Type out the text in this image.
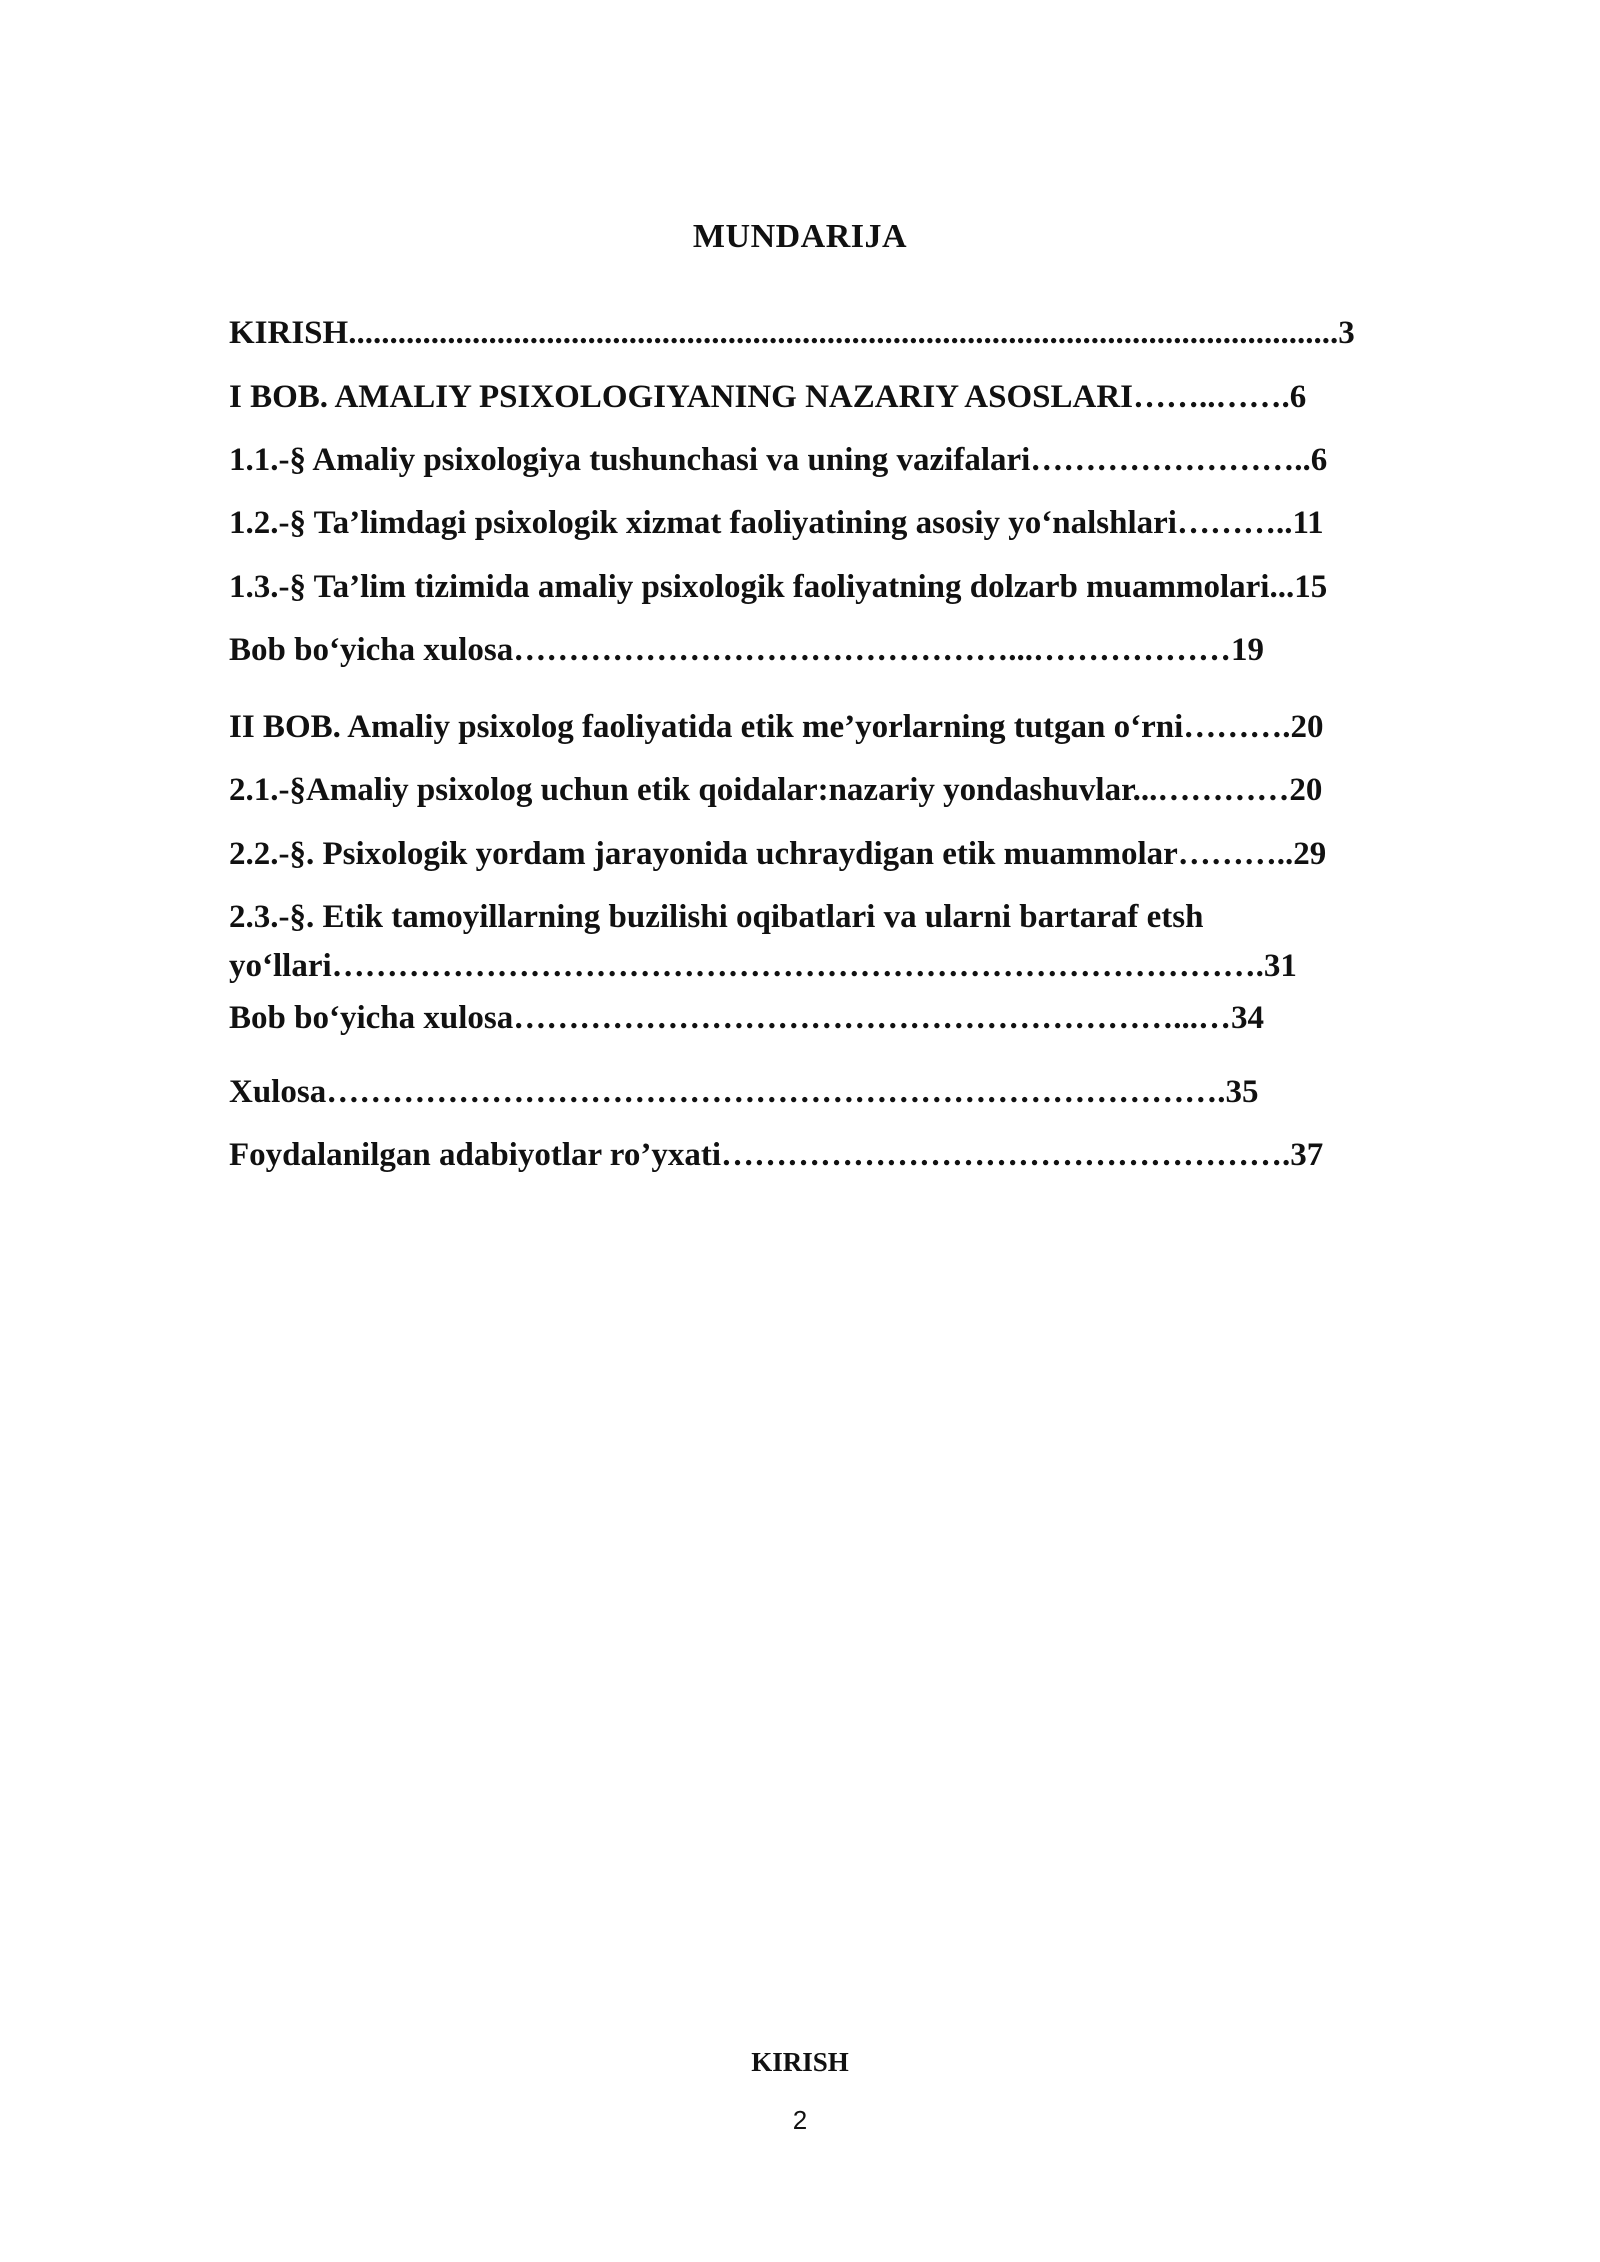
MUNDARIJA
KIRISH........................................................................................................................3
I BOB. AMALIY PSIXOLOGIYANING NAZARIY ASOSLARI……..…….6
1.1.-§ Amaliy psixologiya tushunchasi va uning vazifalari……………………..6
1.2.-§ Ta’limdagi psixologik xizmat faoliyatining asosiy yo‘nalshlari………..11
1.3.-§ Ta’lim tizimida amaliy psixologik faoliyatning dolzarb muammolari...15
Bob bo‘yicha xulosa………………………………………...………………19
II BOB. Amaliy psixolog faoliyatida etik me’yorlarning tutgan o‘rni……….20
2.1.-§Amaliy psixolog uchun etik qoidalar:nazariy yondashuvlar...…………20
2.2.-§. Psixologik yordam jarayonida uchraydigan etik muammolar………..29
2.3.-§. Etik tamoyillarning buzilishi oqibatlari va ularni bartaraf etsh
yo‘llari………………………………………………………………………….31
Bob bo‘yicha xulosa……………………………………………………...…34
Xulosa……………………………………………………………………….35
Foydalanilgan adabiyotlar ro’yxati…………………………………………….37
KIRISH
2
